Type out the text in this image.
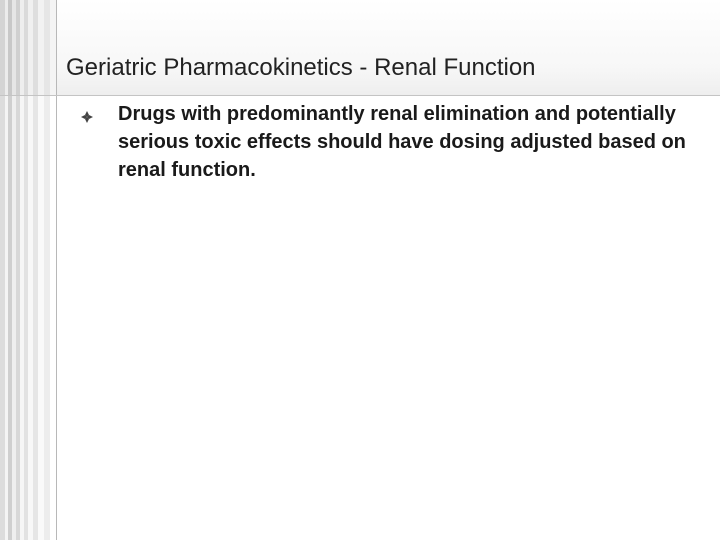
Geriatric Pharmacokinetics - Renal Function
Drugs with predominantly renal elimination and potentially serious toxic effects should have dosing adjusted based on renal function.
